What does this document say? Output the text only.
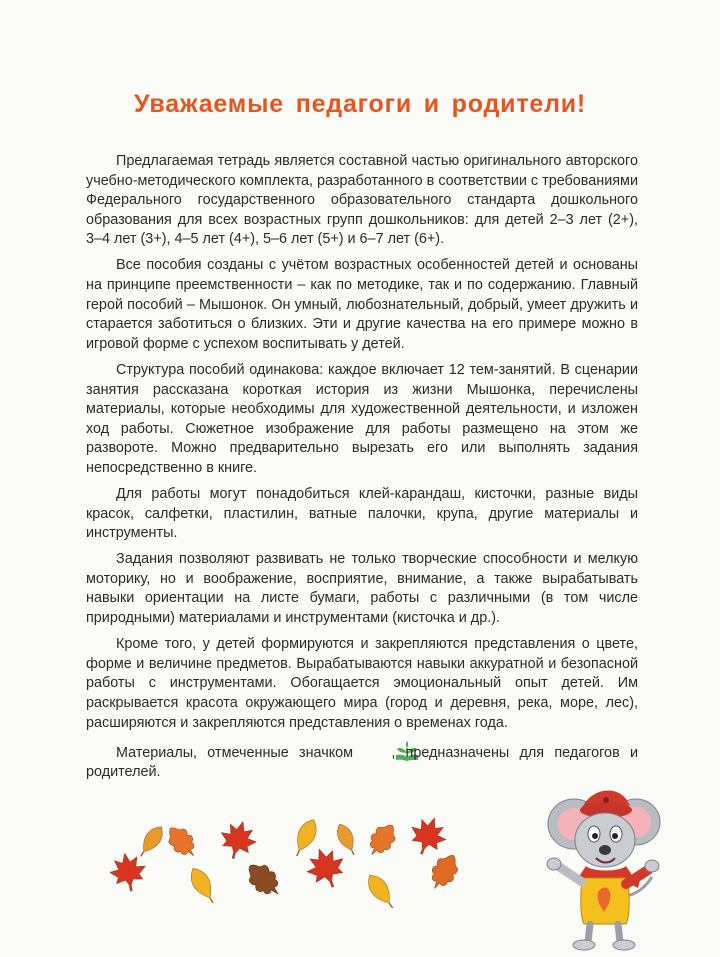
Уважаемые педагоги и родители!

Предлагаемая тетрадь является составной частью оригинального авторского учебно-методического комплекта, разработанного в соответствии с требованиями Федерального государственного образовательного стандарта дошкольного образования для всех возрастных групп дошкольников: для детей 2–3 лет (2+), 3–4 лет (3+), 4–5 лет (4+), 5–6 лет (5+) и 6–7 лет (6+).

Все пособия созданы с учётом возрастных особенностей детей и основаны на принципе преемственности – как по методике, так и по содержанию. Главный герой пособий – Мышонок. Он умный, любознательный, добрый, умеет дружить и старается заботиться о близких. Эти и другие качества на его примере можно в игровой форме с успехом воспитывать у детей.

Структура пособий одинакова: каждое включает 12 тем-занятий. В сценарии занятия рассказана короткая история из жизни Мышонка, перечислены материалы, которые необходимы для художественной деятельности, и изложен ход работы. Сюжетное изображение для работы размещено на этом же развороте. Можно предварительно вырезать его или выполнять задания непосредственно в книге.

Для работы могут понадобиться клей-карандаш, кисточки, разные виды красок, салфетки, пластилин, ватные палочки, крупа, другие материалы и инструменты.

Задания позволяют развивать не только творческие способности и мелкую моторику, но и воображение, восприятие, внимание, а также вырабатывать навыки ориентации на листе бумаги, работы с различными (в том числе природными) материалами и инструментами (кисточка и др.).

Кроме того, у детей формируются и закрепляются представления о цвете, форме и величине предметов. Вырабатываются навыки аккуратной и безопасной работы с инструментами. Обогащается эмоциональный опыт детей. Им раскрывается красота окружающего мира (город и деревня, река, море, лес), расширяются и закрепляются представления о временах года.

Материалы, отмеченные значком	, предназначены для педагогов и родителей.
